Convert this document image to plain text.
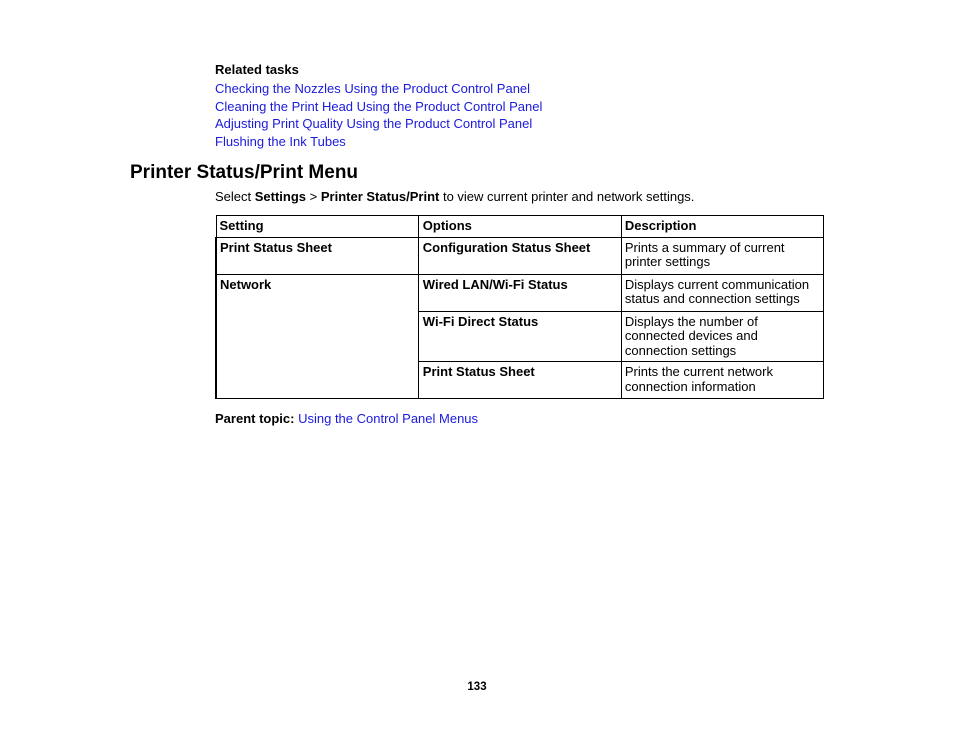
Related tasks
Checking the Nozzles Using the Product Control Panel
Cleaning the Print Head Using the Product Control Panel
Adjusting Print Quality Using the Product Control Panel
Flushing the Ink Tubes
Printer Status/Print Menu
Select Settings > Printer Status/Print to view current printer and network settings.
Setting	Options	Description
Print Status Sheet	Configuration Status Sheet	Prints a summary of current printer settings
Network	Wired LAN/Wi-Fi Status	Displays current communication status and connection settings
	Wi-Fi Direct Status	Displays the number of connected devices and connection settings
	Print Status Sheet	Prints the current network connection information
Parent topic: Using the Control Panel Menus
133
